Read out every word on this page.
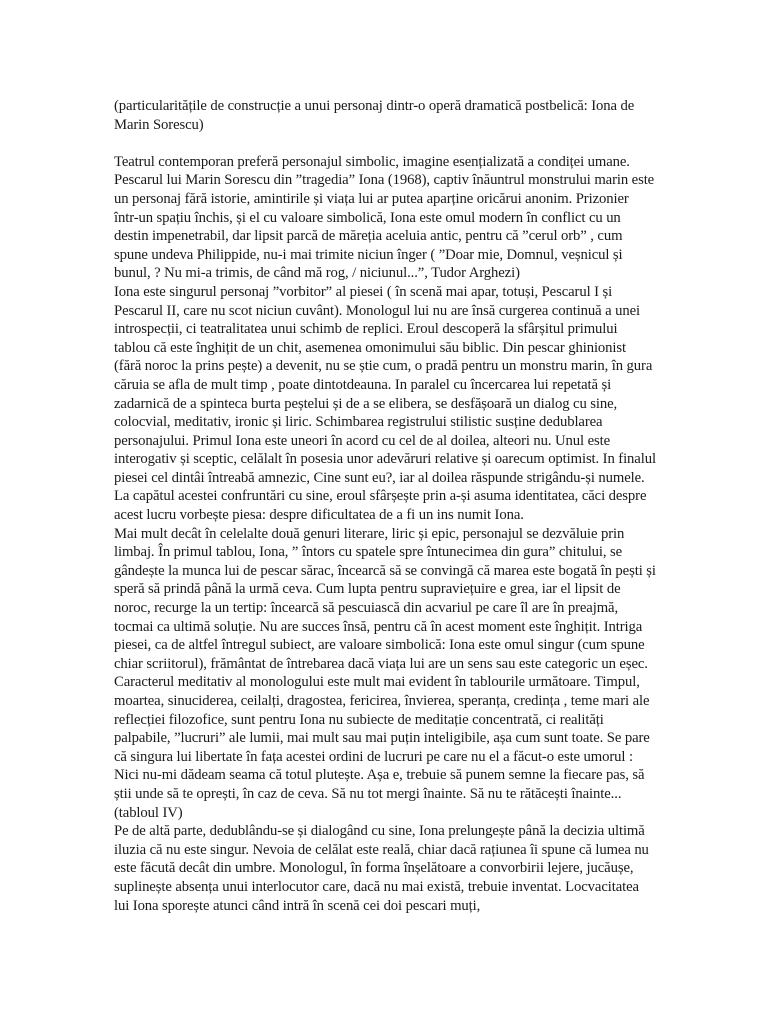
(particularitățile de construcție a unui personaj dintr-o operă dramatică postbelică: Iona de Marin Sorescu)

Teatrul contemporan preferă personajul simbolic, imagine esențializată a condiței umane. Pescarul lui Marin Sorescu din ”tragedia” Iona (1968), captiv înăuntrul monstrului marin este un personaj fără istorie, amintirile și viața lui ar putea aparține oricărui anonim. Prizonier într-un spațiu închis, și el cu valoare simbolică, Iona este omul modern în conflict cu un destin impenetrabil, dar lipsit parcă de măreția aceluia antic, pentru că ”cerul orb” , cum spune undeva Philippide, nu-i mai trimite niciun înger ( ”Doar mie, Domnul, veșnicul și bunul, ? Nu mi-a trimis, de când mă rog, / niciunul...”, Tudor Arghezi)

Iona este singurul personaj ”vorbitor” al piesei ( în scenă mai apar, totuși, Pescarul I și Pescarul II, care nu scot niciun cuvânt). Monologul lui nu are însă curgerea continuă a unei introspecții, ci teatralitatea unui schimb de replici. Eroul descoperă la sfârșitul primului tablou că este înghițit de un chit, asemenea omonimului său biblic. Din pescar ghinionist (fără noroc la prins pește) a devenit, nu se știe cum, o pradă pentru un monstru marin, în gura căruia se afla de mult timp , poate dintotdeauna. In paralel cu încercarea lui repetată și zadarnică de a spinteca burta peștelui și de a se elibera, se desfășoară un dialog cu sine, colocvial, meditativ, ironic și liric. Schimbarea registrului stilistic susține dedublarea personajului. Primul Iona este uneori în acord cu cel de al doilea, alteori nu. Unul este interogativ și sceptic, celălalt în posesia unor adevăruri relative și oarecum optimist. In finalul piesei cel dintâi întreabă amnezic, Cine sunt eu?, iar al doilea răspunde strigându-și numele. La capătul acestei confruntări cu sine, eroul sfârșește prin a-și asuma identitatea, căci despre acest lucru vorbește piesa: despre dificultatea de a fi un ins numit Iona.

Mai mult decât în celelalte două genuri literare, liric și epic, personajul se dezvăluie prin limbaj. În primul tablou, Iona, ” întors cu spatele spre întunecimea din gura” chitului, se gândește la munca lui de pescar sărac, încearcă să se convingă că marea este bogată în pești și speră să prindă până la urmă ceva. Cum lupta pentru supraviețuire e grea, iar el lipsit de noroc, recurge la un tertip: încearcă să pescuiască din acvariul pe care îl are în preajmă, tocmai ca ultimă soluție. Nu are succes însă, pentru că în acest moment este înghițit. Intriga piesei, ca de altfel întregul subiect, are valoare simbolică: Iona este omul singur (cum spune chiar scriitorul), frământat de întrebarea dacă viața lui are un sens sau este categoric un eșec. Caracterul meditativ al monologului este mult mai evident în tablourile următoare. Timpul, moartea, sinuciderea, ceilalți, dragostea, fericirea, învierea, speranța, credința , teme mari ale reflecției filozofice, sunt pentru Iona nu subiecte de meditație concentrată, ci realități palpabile, ”lucruri” ale lumii, mai mult sau mai puțin inteligibile, așa cum sunt toate. Se pare că singura lui libertate în fața acestei ordini de lucruri pe care nu el a făcut-o este umorul : Nici nu-mi dădeam seama că totul plutește. Așa e, trebuie să punem semne la fiecare pas, să știi unde să te oprești, în caz de ceva. Să nu tot mergi înainte. Să nu te rătăcești înainte... (tabloul IV)

Pe de altă parte, dedublându-se și dialogând cu sine, Iona prelungește până la decizia ultimă iluzia că nu este singur. Nevoia de celălat este reală, chiar dacă rațiunea îi spune că lumea nu este făcută decât din umbre. Monologul, în forma înșelătoare a convorbirii lejere, jucăușe, suplinește absența unui interlocutor care, dacă nu mai există, trebuie inventat. Locvacitatea lui Iona sporește atunci când intră în scenă cei doi pescari muți,
